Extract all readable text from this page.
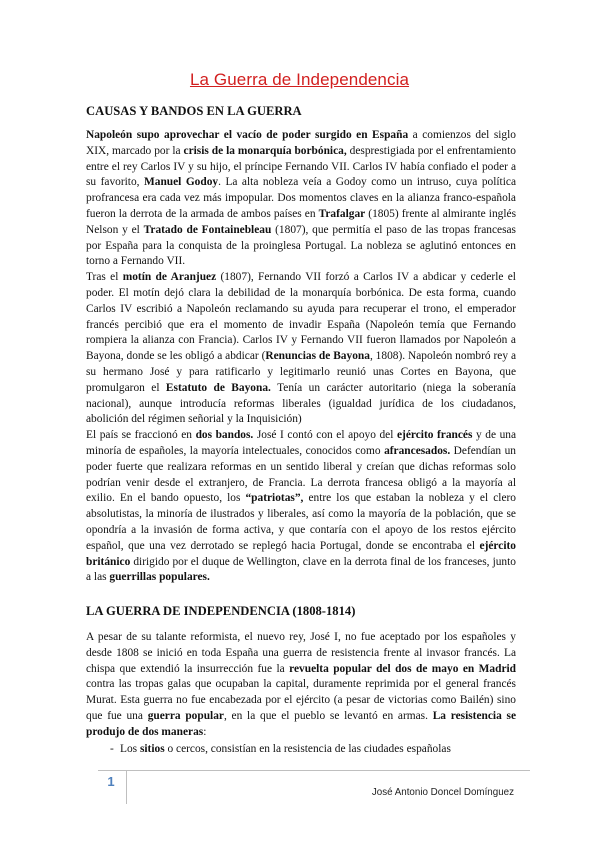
La Guerra de Independencia
CAUSAS Y BANDOS EN LA GUERRA

Napoleón supo aprovechar el vacío de poder surgido en España a comienzos del siglo XIX, marcado por la crisis de la monarquía borbónica, desprestigiada por el enfrentamiento entre el rey Carlos IV y su hijo, el príncipe Fernando VII. Carlos IV había confiado el poder a su favorito, Manuel Godoy. La alta nobleza veía a Godoy como un intruso, cuya política profrancesa era cada vez más impopular. Dos momentos claves en la alianza franco-española fueron la derrota de la armada de ambos países en Trafalgar (1805) frente al almirante inglés Nelson y el Tratado de Fontainebleau (1807), que permitía el paso de las tropas francesas por España para la conquista de la proinglesa Portugal. La nobleza se aglutinó entonces en torno a Fernando VII.

Tras el motín de Aranjuez (1807), Fernando VII forzó a Carlos IV a abdicar y cederle el poder. El motín dejó clara la debilidad de la monarquía borbónica. De esta forma, cuando Carlos IV escribió a Napoleón reclamando su ayuda para recuperar el trono, el emperador francés percibió que era el momento de invadir España (Napoleón temía que Fernando rompiera la alianza con Francia). Carlos IV y Fernando VII fueron llamados por Napoleón a Bayona, donde se les obligó a abdicar (Renuncias de Bayona, 1808). Napoleón nombró rey a su hermano José y para ratificarlo y legitimarlo reunió unas Cortes en Bayona, que promulgaron el Estatuto de Bayona. Tenía un carácter autoritario (niega la soberanía nacional), aunque introducía reformas liberales (igualdad jurídica de los ciudadanos, abolición del régimen señorial y la Inquisición)

El país se fraccionó en dos bandos. José I contó con el apoyo del ejército francés y de una minoría de españoles, la mayoría intelectuales, conocidos como afrancesados. Defendían un poder fuerte que realizara reformas en un sentido liberal y creían que dichas reformas solo podrían venir desde el extranjero, de Francia. La derrota francesa obligó a la mayoría al exilio. En el bando opuesto, los “patriotas”, entre los que estaban la nobleza y el clero absolutistas, la minoría de ilustrados y liberales, así como la mayoría de la población, que se opondría a la invasión de forma activa, y que contaría con el apoyo de los restos ejército español, que una vez derrotado se replegó hacia Portugal, donde se encontraba el ejército británico dirigido por el duque de Wellington, clave en la derrota final de los franceses, junto a las guerrillas populares.

LA GUERRA DE INDEPENDENCIA (1808-1814)

A pesar de su talante reformista, el nuevo rey, José I, no fue aceptado por los españoles y desde 1808 se inició en toda España una guerra de resistencia frente al invasor francés. La chispa que extendió la insurrección fue la revuelta popular del dos de mayo en Madrid contra las tropas galas que ocupaban la capital, duramente reprimida por el general francés Murat. Esta guerra no fue encabezada por el ejército (a pesar de victorias como Bailén) sino que fue una guerra popular, en la que el pueblo se levantó en armas. La resistencia se produjo de dos maneras:

- Los sitios o cercos, consistían en la resistencia de las ciudades españolas
1
José Antonio Doncel Domínguez
